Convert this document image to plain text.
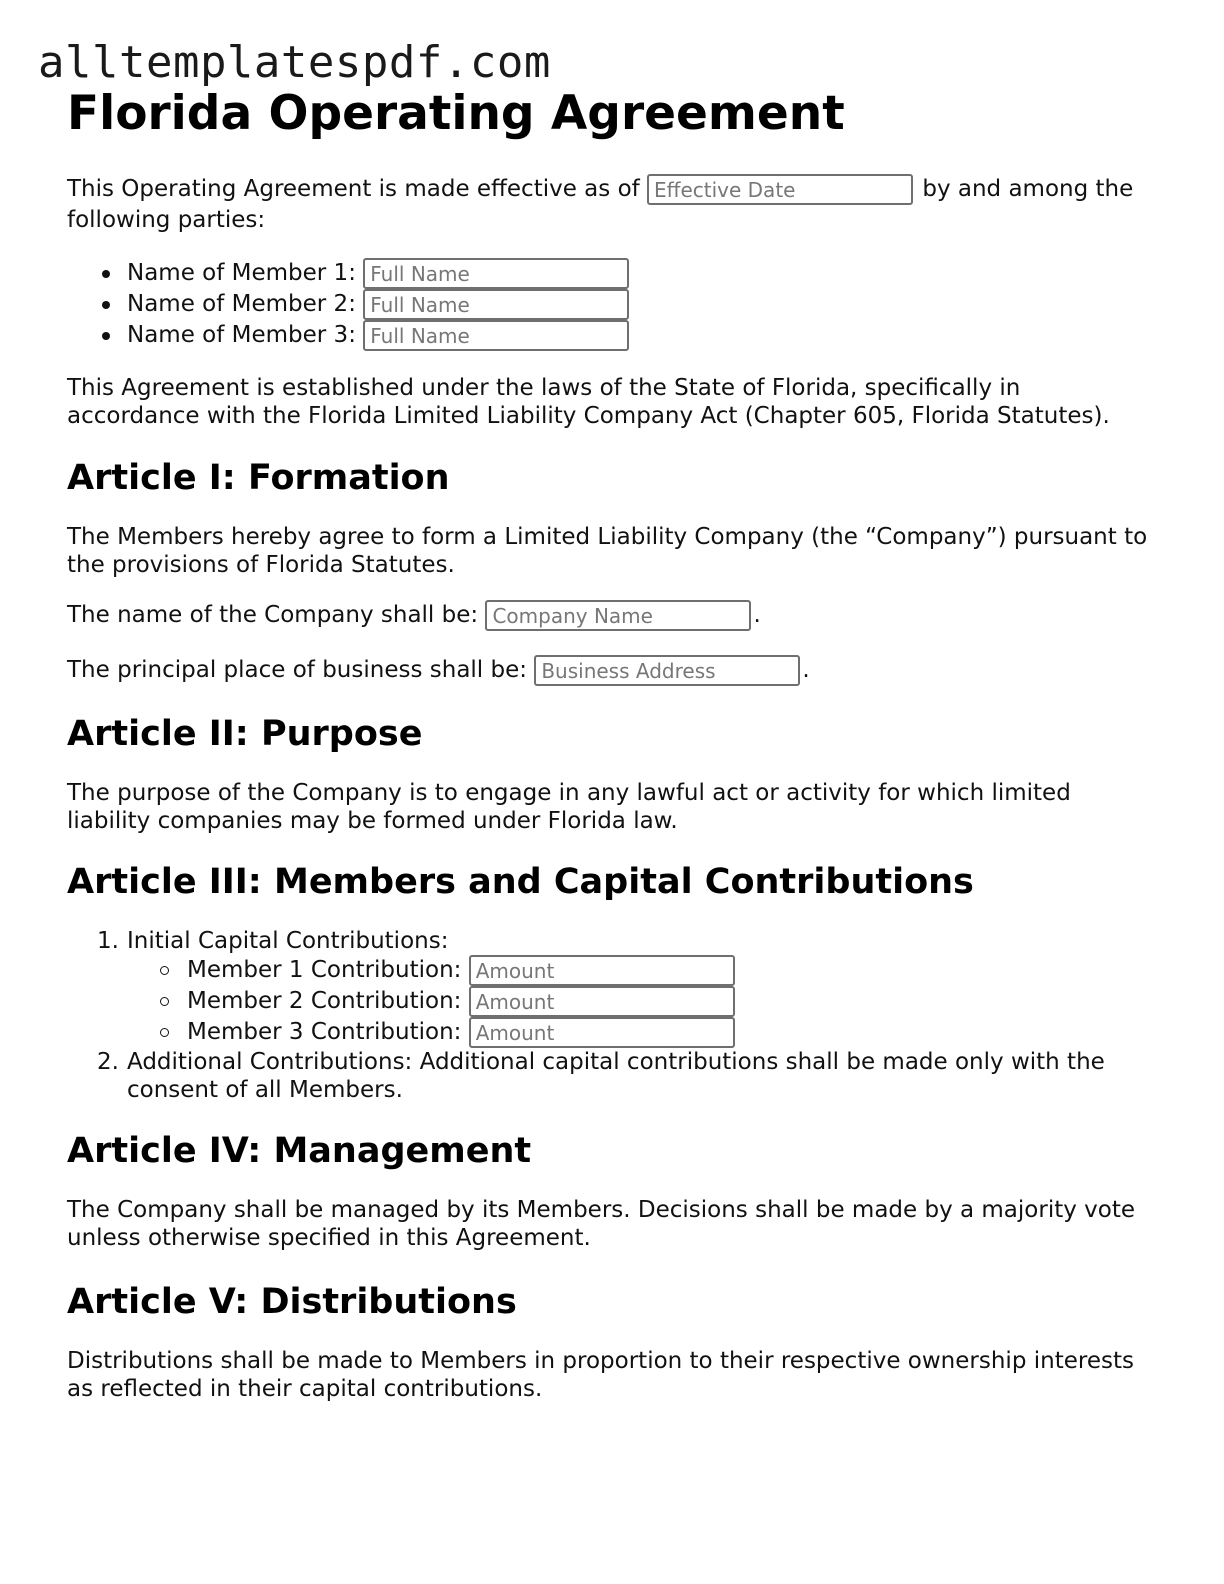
alltemplatespdf.com
Florida Operating Agreement

This Operating Agreement is made effective as of Effective Date	by and among the following parties:

Name of Member 1: Full Name
Name of Member 2: Full Name
Name of Member 3: Full Name

This Agreement is established under the laws of the State of Florida, specifically in accordance with the Florida Limited Liability Company Act (Chapter 605, Florida Statutes).

Article I: Formation

The Members hereby agree to form a Limited Liability Company (the “Company”) pursuant to the provisions of Florida Statutes.

The name of the Company shall be: Company Name	.

The principal place of business shall be: Business Address	.

Article II: Purpose

The purpose of the Company is to engage in any lawful act or activity for which limited liability companies may be formed under Florida law.

Article III: Members and Capital Contributions
1. Initial Capital Contributions:
Member 1 Contribution: Amount
Member 2 Contribution: Amount
Member 3 Contribution: Amount
2. Additional Contributions: Additional capital contributions shall be made only with the consent of all Members.
Article IV: Management

The Company shall be managed by its Members. Decisions shall be made by a majority vote unless otherwise specified in this Agreement.

Article V: Distributions

Distributions shall be made to Members in proportion to their respective ownership interests as reflected in their capital contributions.
